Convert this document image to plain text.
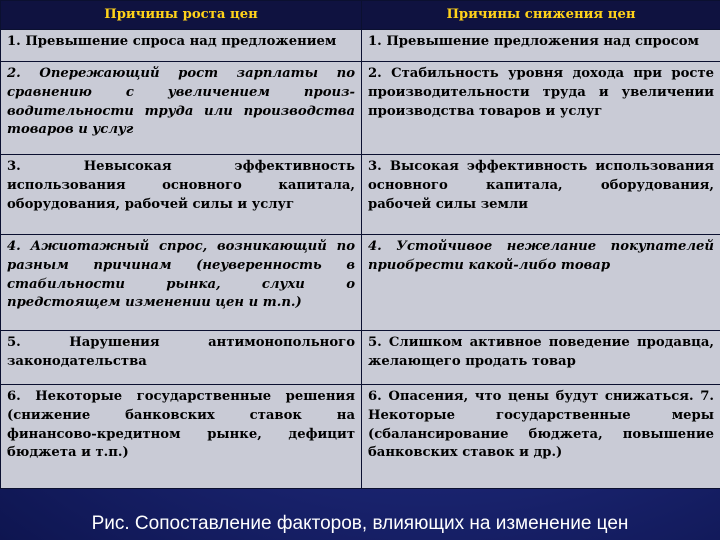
Причины роста цен	Причины снижения цен
1. Превышение спроса над предложением	1. Превышение предложения над спросом
2. Опережающий рост зарплаты по сравнению с увеличением произ-водительности труда или производства товаров и услуг	2. Стабильность уровня дохода при росте производительности труда и увеличении производства товаров и услуг
3. Невысокая эффективность использования основного капитала, оборудования, рабочей силы и услуг	3. Высокая эффективность использования основного капитала, оборудования, рабочей силы земли
4. Ажиотажный спрос, возникающий по разным причинам (неуверенность в стабильности рынка, слухи о предстоящем изменении цен и т.п.)	4. Устойчивое нежелание покупателей приобрести какой-либо товар
5. Нарушения антимонопольного законодательства	5. Слишком активное поведение продавца, желающего продать товар
6. Некоторые государственные решения (снижение банковских ставок на финансово-кредитном рынке, дефицит бюджета и т.п.)	6. Опасения, что цены будут снижаться. 7. Некоторые государственные меры (сбалансирование бюджета, повышение банковских ставок и др.)
Рис. Сопоставление факторов, влияющих на изменение цен
